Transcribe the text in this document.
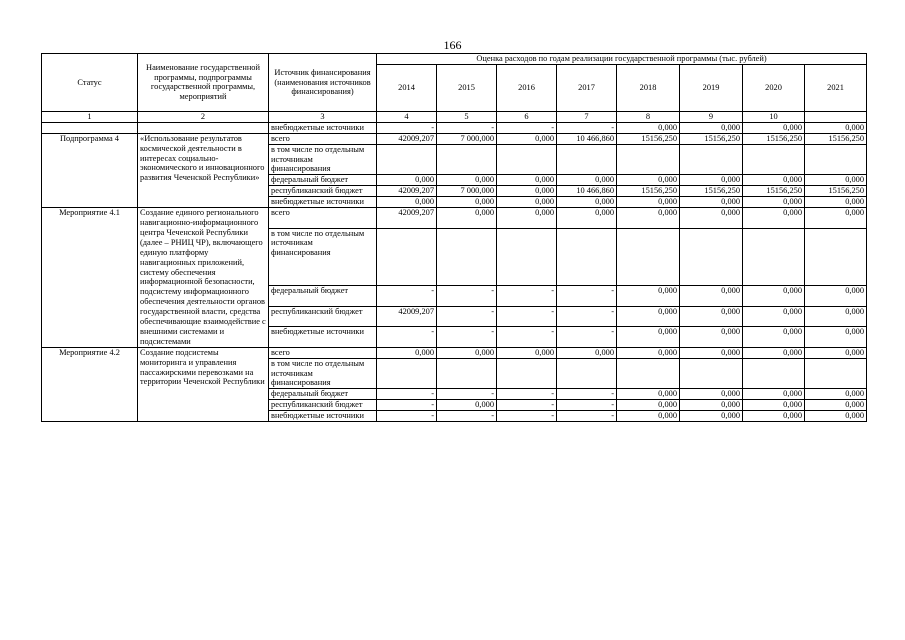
166
Статус	Наименование государственной программы, подпрограммы государственной программы, мероприятий	Источник финансирования (наименования источников финансирования)	Оценка расходов по годам реализации государственной программы (тыс. рублей)							
			2014	2015	2016	2017	2018	2019	2020	2021
1	2	3	4	5	6	7	8	9	10	
		внебюджетные источники	-	-	-	-	0,000	0,000	0,000	0,000
Подпрограмма 4	«Использование результатов космической деятельности в интересах социально-экономического и инновационного развития Чеченской Республики»	всего	42009,207	7 000,000	0,000	10 466,860	15156,250	15156,250	15156,250	15156,250
		в том числе по отдельным источникам финансирования								
		федеральный бюджет	0,000	0,000	0,000	0,000	0,000	0,000	0,000	0,000
		республиканский бюджет	42009,207	7 000,000	0,000	10 466,860	15156,250	15156,250	15156,250	15156,250
		внебюджетные источники	0,000	0,000	0,000	0,000	0,000	0,000	0,000	0,000
Мероприятие 4.1	Создание единого регионального навигационно-информационного центра Чеченской Республики (далее – РНИЦ ЧР), включающего единую платформу навигационных приложений, систему обеспечения информационной безопасности, подсистему информационного обеспечения деятельности органов государственной власти, средства обеспечивающие взаимодействие с внешними системами и подсистемами	всего	42009,207	0,000	0,000	0,000	0,000	0,000	0,000	0,000
		в том числе по отдельным источникам финансирования								
		федеральный бюджет	-	-	-	-	0,000	0,000	0,000	0,000
		республиканский бюджет	42009,207	-	-	-	0,000	0,000	0,000	0,000
		внебюджетные источники	-	-	-	-	0,000	0,000	0,000	0,000
Мероприятие 4.2	Создание подсистемы мониторинга и управления пассажирскими перевозками на территории Чеченской Республики	всего	0,000	0,000	0,000	0,000	0,000	0,000	0,000	0,000
		в том числе по отдельным источникам финансирования								
		федеральный бюджет	-	-	-	-	0,000	0,000	0,000	0,000
		республиканский бюджет	-	0,000	-	-	0,000	0,000	0,000	0,000
		внебюджетные источники	-	-	-	-	0,000	0,000	0,000	0,000
